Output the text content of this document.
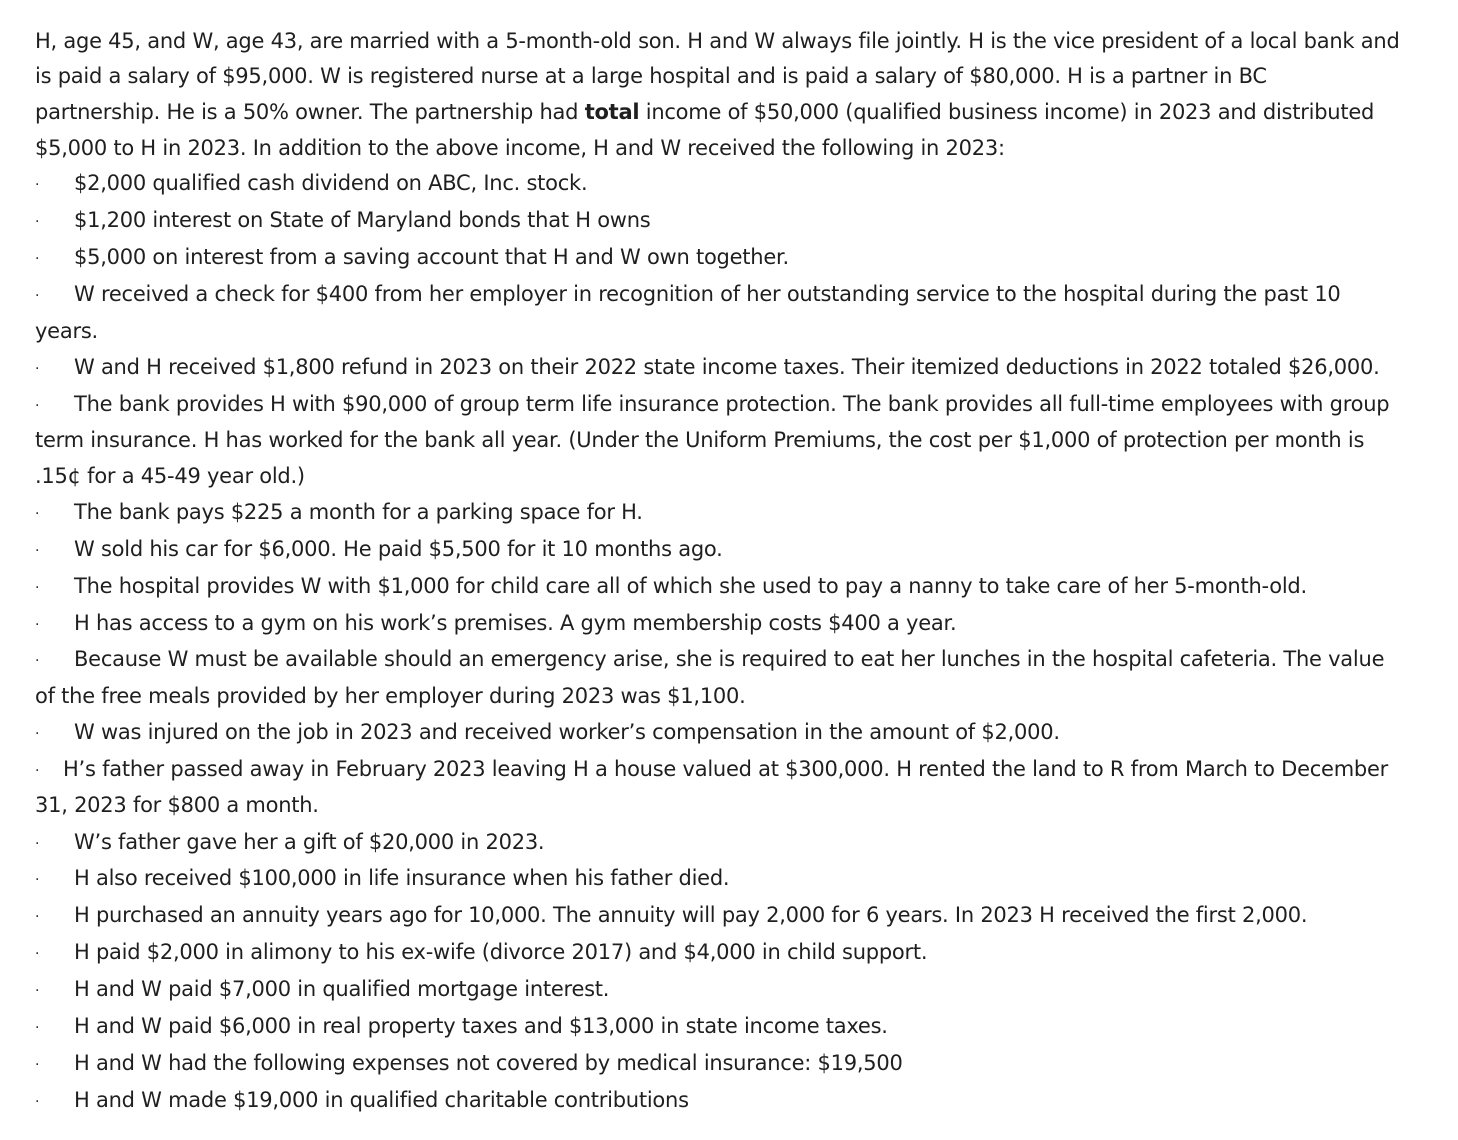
H, age 45, and W, age 43, are married with a 5-month-old son. H and W always file jointly. H is the vice president of a local bank and
is paid a salary of $95,000. W is registered nurse at a large hospital and is paid a salary of $80,000. H is a partner in BC
partnership. He is a 50% owner. The partnership had total income of $50,000 (qualified business income) in 2023 and distributed
$5,000 to H in 2023. In addition to the above income, H and W received the following in 2023:
· $2,000 qualified cash dividend on ABC, Inc. stock.
· $1,200 interest on State of Maryland bonds that H owns
· $5,000 on interest from a saving account that H and W own together.
· W received a check for $400 from her employer in recognition of her outstanding service to the hospital during the past 10
years.
· W and H received $1,800 refund in 2023 on their 2022 state income taxes. Their itemized deductions in 2022 totaled $26,000.
· The bank provides H with $90,000 of group term life insurance protection. The bank provides all full-time employees with group
term insurance. H has worked for the bank all year. (Under the Uniform Premiums, the cost per $1,000 of protection per month is
.15¢ for a 45-49 year old.)
· The bank pays $225 a month for a parking space for H.
· W sold his car for $6,000. He paid $5,500 for it 10 months ago.
· The hospital provides W with $1,000 for child care all of which she used to pay a nanny to take care of her 5-month-old.
· H has access to a gym on his work’s premises. A gym membership costs $400 a year.
· Because W must be available should an emergency arise, she is required to eat her lunches in the hospital cafeteria. The value
of the free meals provided by her employer during 2023 was $1,100.
· W was injured on the job in 2023 and received worker’s compensation in the amount of $2,000.
· H’s father passed away in February 2023 leaving H a house valued at $300,000. H rented the land to R from March to December
31, 2023 for $800 a month.
· W’s father gave her a gift of $20,000 in 2023.
· H also received $100,000 in life insurance when his father died.
· H purchased an annuity years ago for 10,000. The annuity will pay 2,000 for 6 years. In 2023 H received the first 2,000.
· H paid $2,000 in alimony to his ex-wife (divorce 2017) and $4,000 in child support.
· H and W paid $7,000 in qualified mortgage interest.
· H and W paid $6,000 in real property taxes and $13,000 in state income taxes.
· H and W had the following expenses not covered by medical insurance: $19,500
· H and W made $19,000 in qualified charitable contributions
